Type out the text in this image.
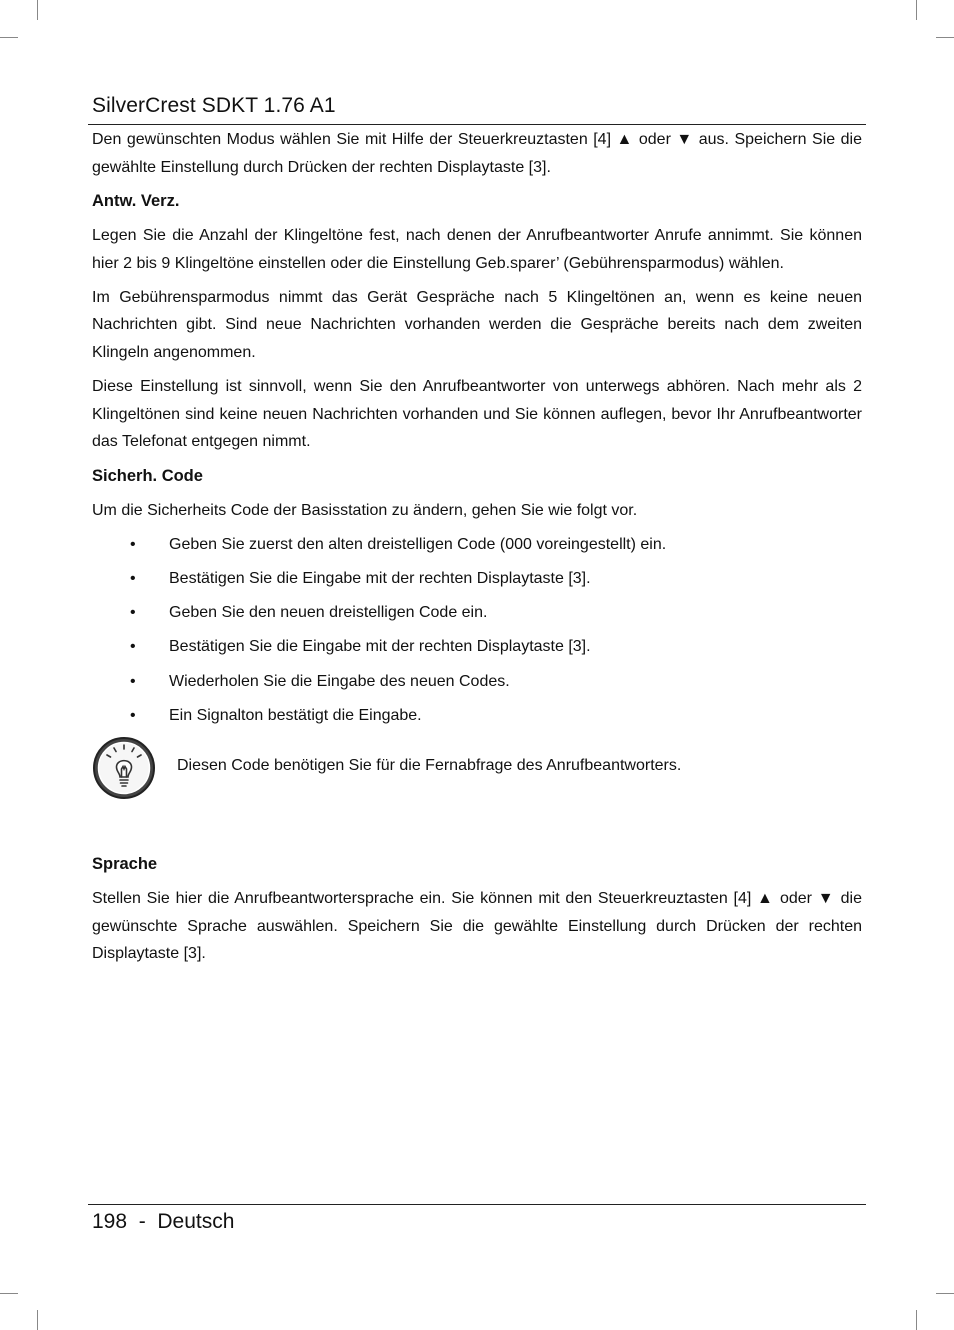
SilverCrest SDKT 1.76 A1

Den gewünschten Modus wählen Sie mit Hilfe der Steuerkreuztasten [4] ▲ oder ▼ aus. Speichern Sie die gewählte Einstellung durch Drücken der rechten Displaytaste [3].

Antw. Verz.

Legen Sie die Anzahl der Klingeltöne fest, nach denen der Anrufbeantworter Anrufe annimmt. Sie können hier 2 bis 9 Klingeltöne einstellen oder die Einstellung Geb.sparer’ (Gebührensparmodus) wählen.

Im Gebührensparmodus nimmt das Gerät Gespräche nach 5 Klingeltönen an, wenn es keine neuen Nachrichten gibt. Sind neue Nachrichten vorhanden werden die Gespräche bereits nach dem zweiten Klingeln angenommen.

Diese Einstellung ist sinnvoll, wenn Sie den Anrufbeantworter von unterwegs abhören. Nach mehr als 2 Klingeltönen sind keine neuen Nachrichten vorhanden und Sie können auflegen, bevor Ihr Anrufbeantworter das Telefonat entgegen nimmt.

Sicherh. Code

Um die Sicherheits Code der Basisstation zu ändern, gehen Sie wie folgt vor.

• Geben Sie zuerst den alten dreistelligen Code (000 voreingestellt) ein.
• Bestätigen Sie die Eingabe mit der rechten Displaytaste [3].
• Geben Sie den neuen dreistelligen Code ein.
• Bestätigen Sie die Eingabe mit der rechten Displaytaste [3].
• Wiederholen Sie die Eingabe des neuen Codes.
• Ein Signalton bestätigt die Eingabe.
Diesen Code benötigen Sie für die Fernabfrage des Anrufbeantworters.
Sprache

Stellen Sie hier die Anrufbeantwortersprache ein. Sie können mit den Steuerkreuztasten [4] ▲ oder ▼ die gewünschte Sprache auswählen. Speichern Sie die gewählte Einstellung durch Drücken der rechten Displaytaste [3].

198  -  Deutsch
